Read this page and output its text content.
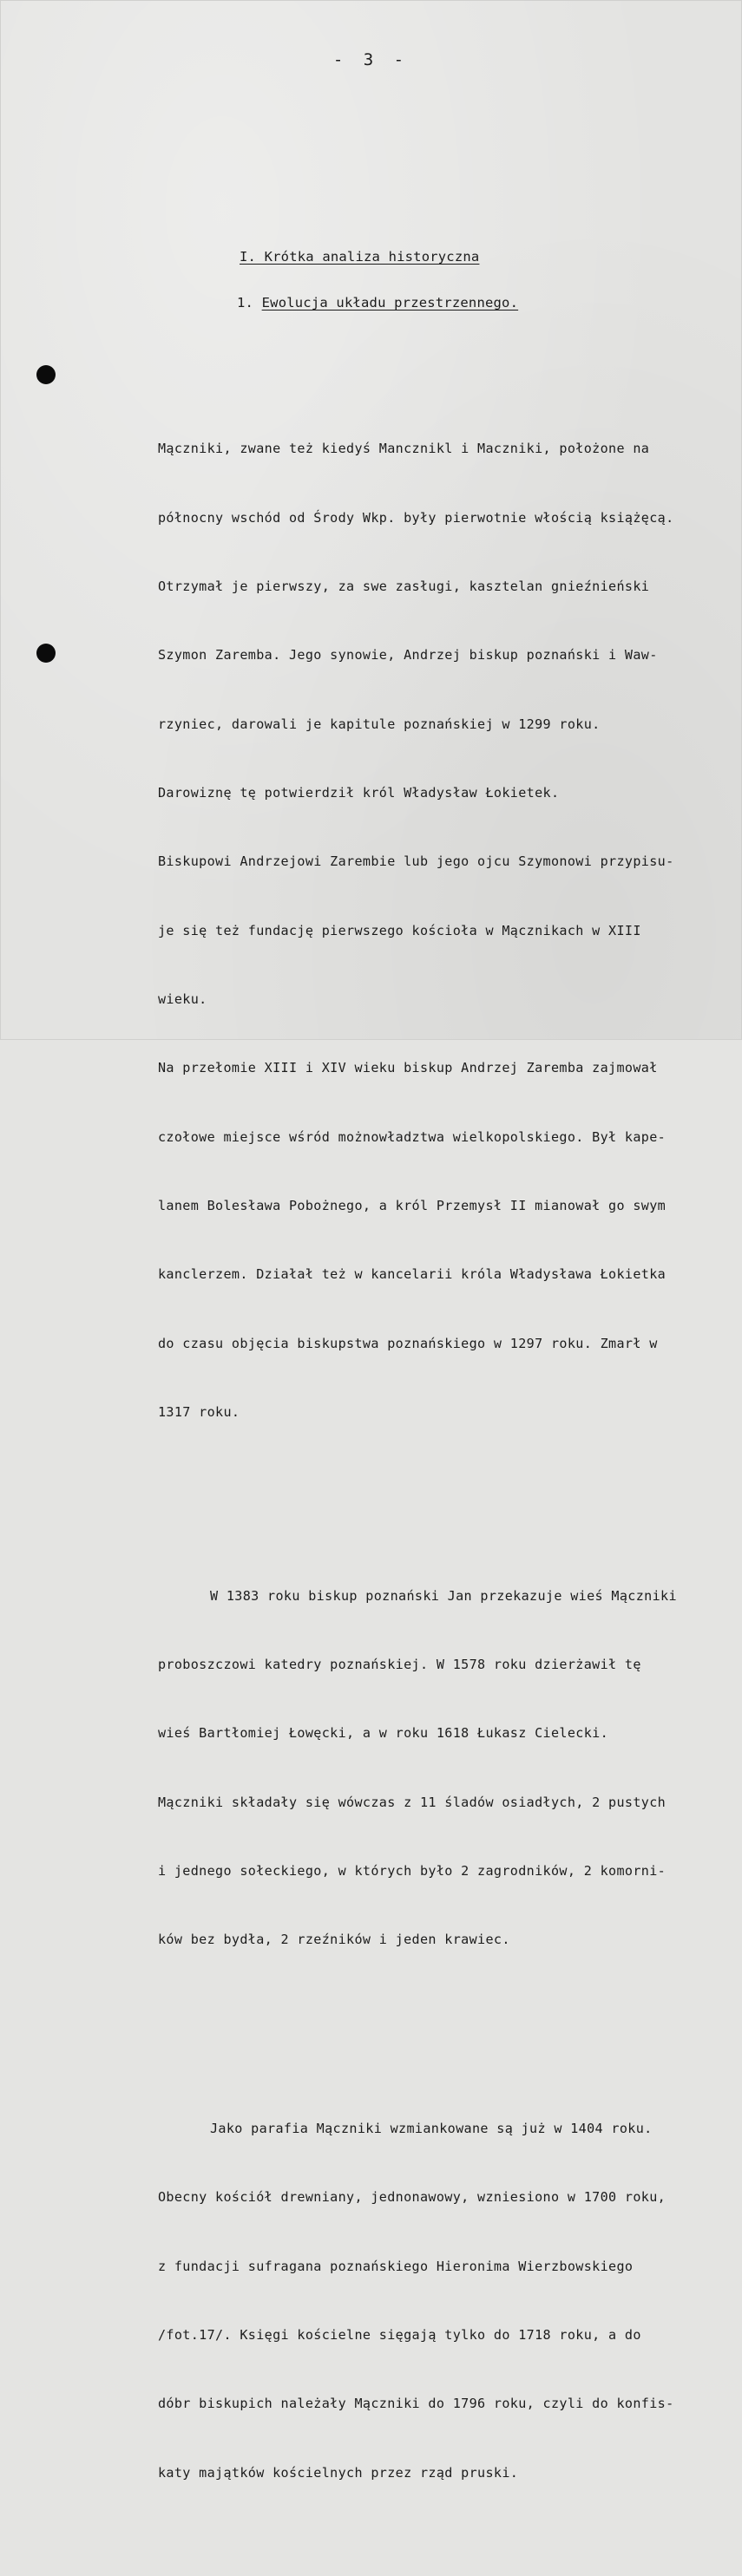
- 3 -
I. Krótka analiza historyczna
1. Ewolucja układu przestrzennego.

Mączniki, zwane też kiedyś Mancznikl i Maczniki, położone na

północny wschód od Środy Wkp. były pierwotnie włością książęcą.

Otrzymał je pierwszy, za swe zasługi, kasztelan gnieźnieński

Szymon Zaremba. Jego synowie, Andrzej biskup poznański i Waw-

rzyniec, darowali je kapitule poznańskiej w 1299 roku.

Darowiznę tę potwierdził król Władysław Łokietek.

Biskupowi Andrzejowi Zarembie lub jego ojcu Szymonowi przypisu-

je się też fundację pierwszego kościoła w Mącznikach w XIII

wieku.

Na przełomie XIII i XIV wieku biskup Andrzej Zaremba zajmował

czołowe miejsce wśród możnowładztwa wielkopolskiego. Był kape-

lanem Bolesława Pobożnego, a król Przemysł II mianował go swym

kanclerzem. Działał też w kancelarii króla Władysława Łokietka

do czasu objęcia biskupstwa poznańskiego w 1297 roku. Zmarł w

1317 roku.

W 1383 roku biskup poznański Jan przekazuje wieś Mączniki

proboszczowi katedry poznańskiej. W 1578 roku dzierżawił tę

wieś Bartłomiej Łowęcki, a w roku 1618 Łukasz Cielecki.

Mączniki składały się wówczas z 11 śladów osiadłych, 2 pustych

i jednego sołeckiego, w których było 2 zagrodników, 2 komorni-

ków bez bydła, 2 rzeźników i jeden krawiec.

Jako parafia Mączniki wzmiankowane są już w 1404 roku.

Obecny kościół drewniany, jednonawowy, wzniesiono w 1700 roku,

z fundacji sufragana poznańskiego Hieronima Wierzbowskiego

/fot.17/. Księgi kościelne sięgają tylko do 1718 roku, a do

dóbr biskupich należały Mączniki do 1796 roku, czyli do konfis-

katy majątków kościelnych przez rząd pruski.
